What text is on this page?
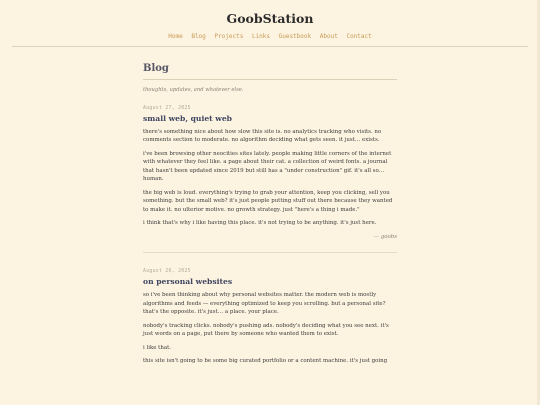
GoobStation
Home Blog Projects Links Guestbook About Contact
Blog
thoughts, updates, and whatever else.
August 27, 2025
small web, quiet web

there's something nice about how slow this site is. no analytics tracking who visits. no comments section to moderate. no algorithm deciding what gets seen. it just… exists.

i've been browsing other neocities sites lately. people making little corners of the internet with whatever they feel like. a page about their cat. a collection of weird fonts. a journal that hasn't been updated since 2019 but still has a "under construction" gif. it's all so… human.

the big web is loud. everything's trying to grab your attention, keep you clicking, sell you something. but the small web? it's just people putting stuff out there because they wanted to make it. no ulterior motive. no growth strategy. just "here's a thing i made."

i think that's why i like having this place. it's not trying to be anything. it's just here.

— goobs
August 26, 2025
on personal websites

so i've been thinking about why personal websites matter. the modern web is mostly algorithms and feeds — everything optimized to keep you scrolling. but a personal site? that's the opposite. it's just… a place. your place.

nobody's tracking clicks. nobody's pushing ads. nobody's deciding what you see next. it's just words on a page, put there by someone who wanted them to exist.

i like that.

this site isn't going to be some big curated portfolio or a content machine. it's just going
